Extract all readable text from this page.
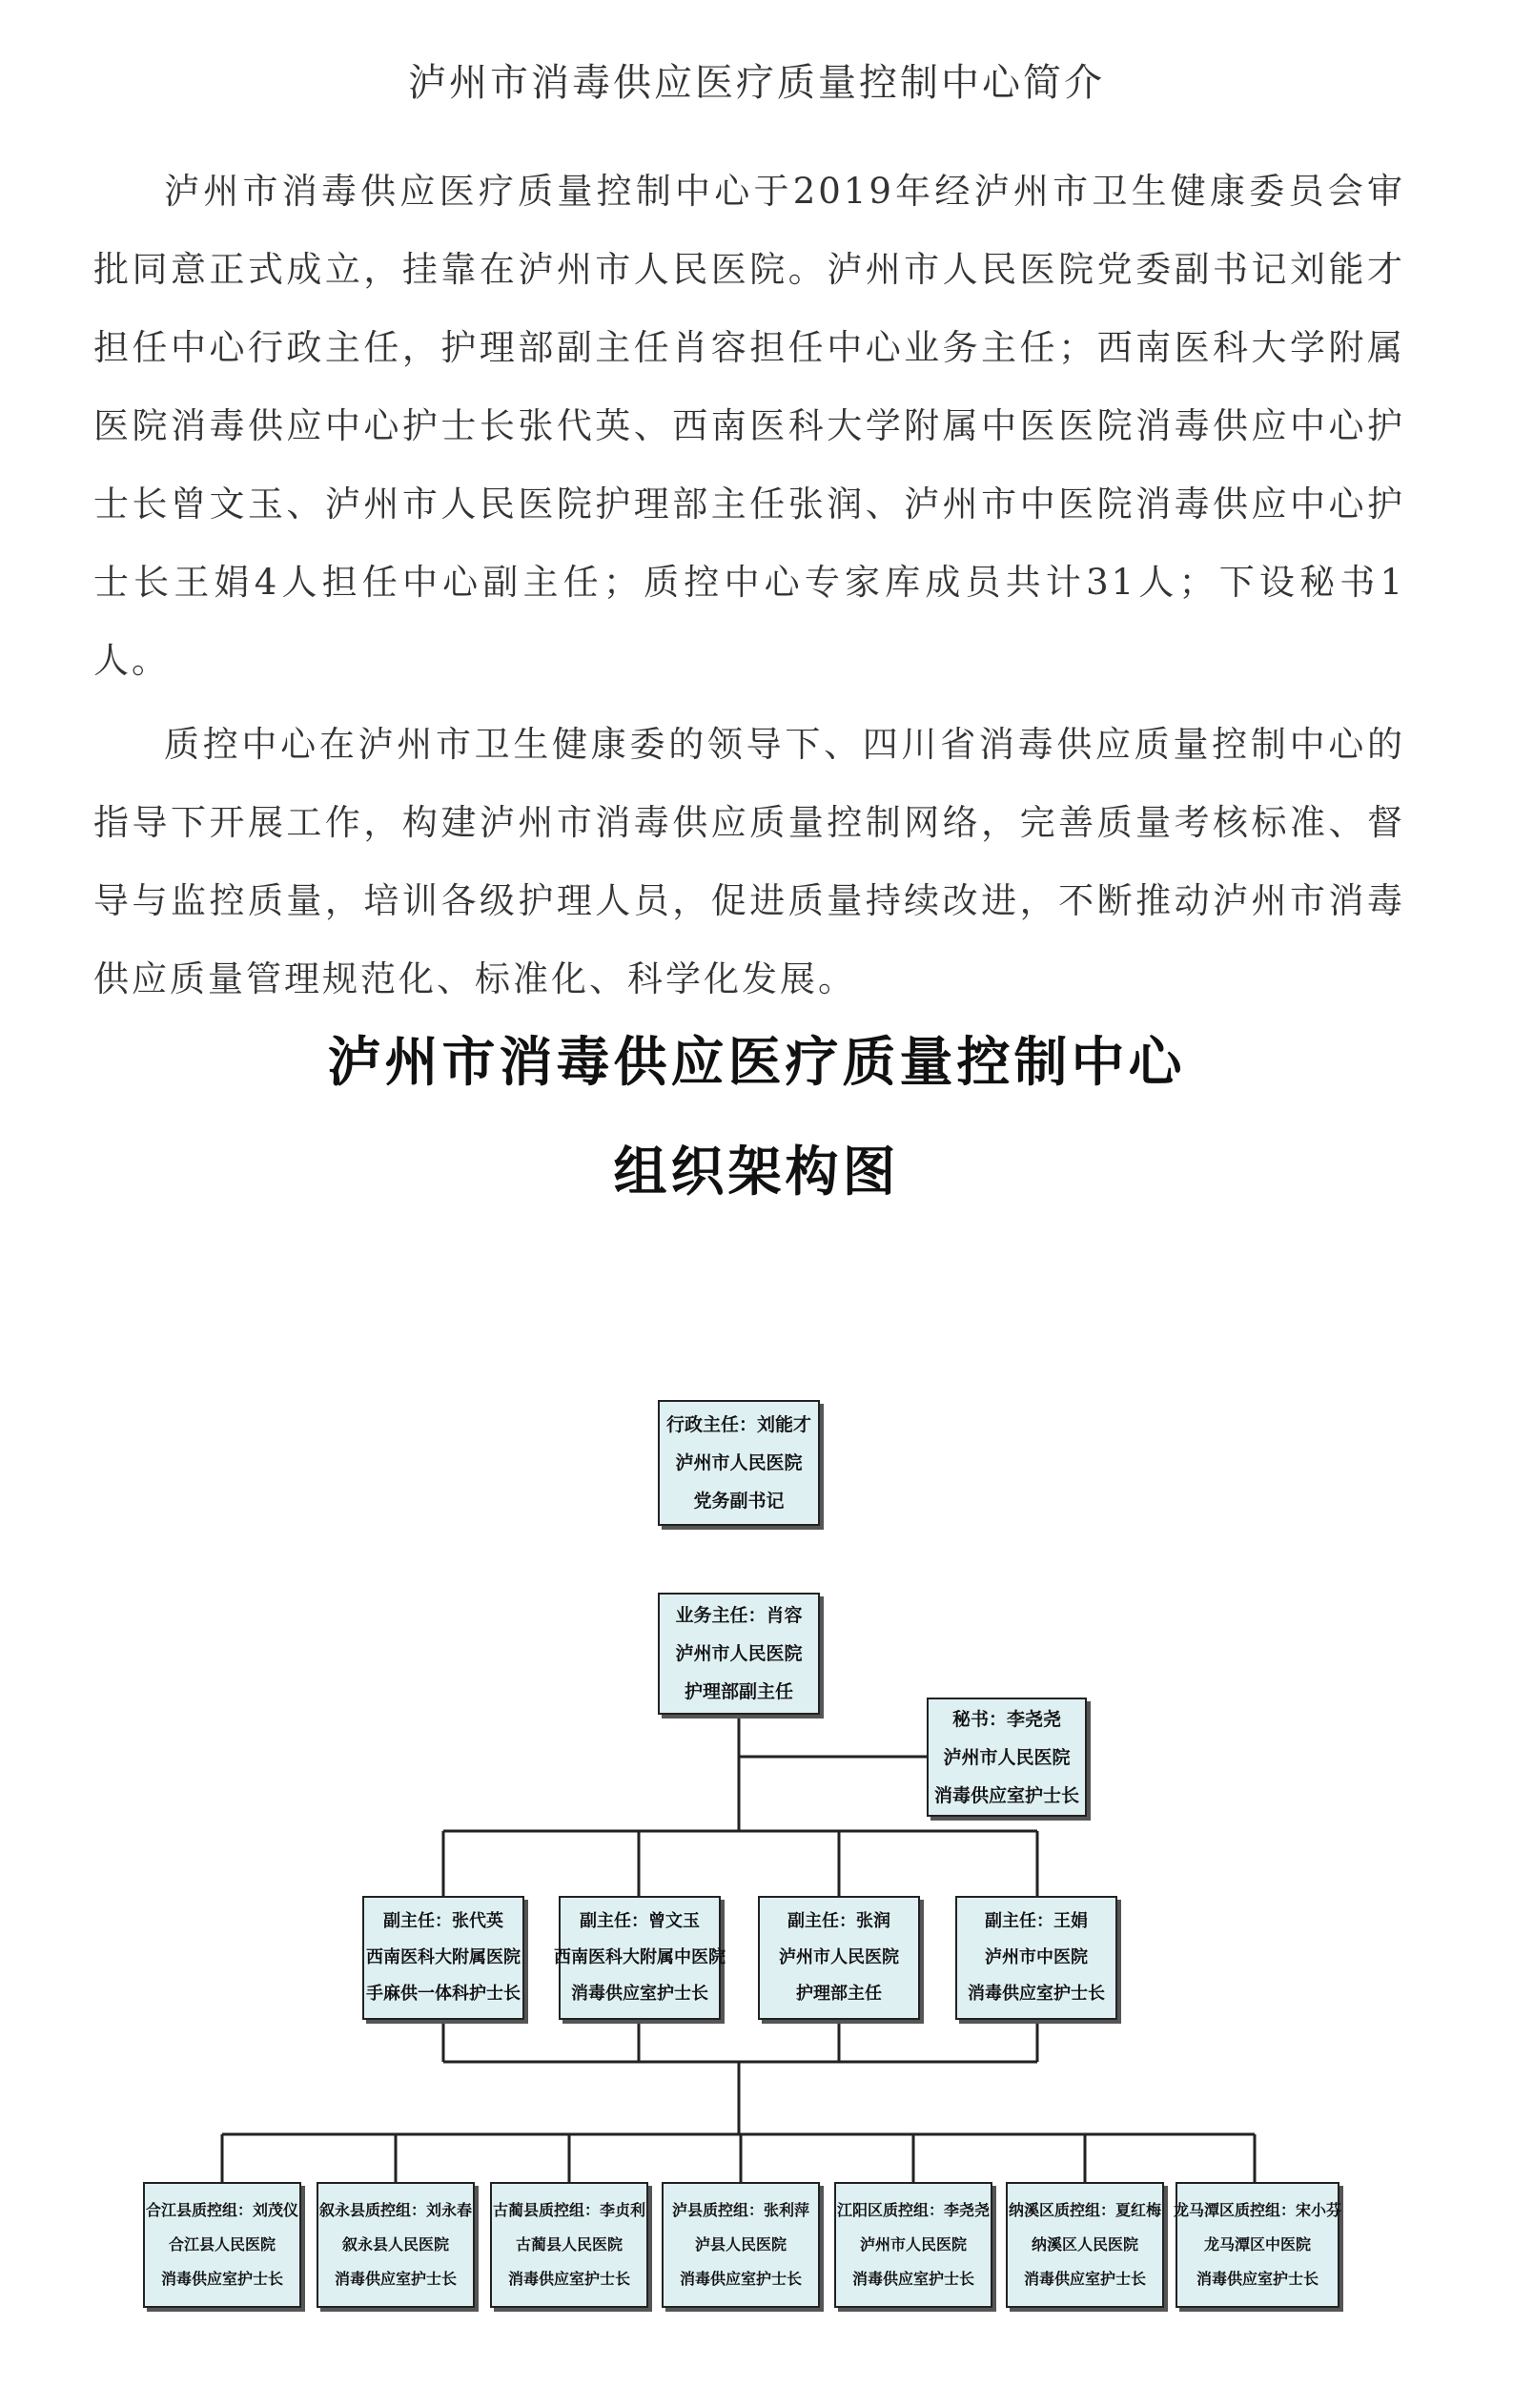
泸州市消毒供应医疗质量控制中心简介

泸州市消毒供应医疗质量控制中心于2019年经泸州市卫生健康委员会审批同意正式成立，挂靠在泸州市人民医院。泸州市人民医院党委副书记刘能才担任中心行政主任，护理部副主任肖容担任中心业务主任；西南医科大学附属医院消毒供应中心护士长张代英、西南医科大学附属中医医院消毒供应中心护士长曾文玉、泸州市人民医院护理部主任张润、泸州市中医院消毒供应中心护士长王娟4人担任中心副主任；质控中心专家库成员共计31人；下设秘书1人。

质控中心在泸州市卫生健康委的领导下、四川省消毒供应质量控制中心的指导下开展工作，构建泸州市消毒供应质量控制网络，完善质量考核标准、督导与监控质量，培训各级护理人员，促进质量持续改进，不断推动泸州市消毒供应质量管理规范化、标准化、科学化发展。

泸州市消毒供应医疗质量控制中心
组织架构图
行政主任：刘能才
泸州市人民医院
党务副书记
业务主任：肖容
泸州市人民医院
护理部副主任
秘书：李尧尧
泸州市人民医院
消毒供应室护士长
副主任：张代英
西南医科大附属医院
手麻供一体科护士长
副主任：曾文玉
西南医科大附属中医院
消毒供应室护士长
副主任：张润
泸州市人民医院
护理部主任
副主任：王娟
泸州市中医院
消毒供应室护士长
合江县质控组：刘茂仪
合江县人民医院
消毒供应室护士长
叙永县质控组：刘永春
叙永县人民医院
消毒供应室护士长
古蔺县质控组：李贞利
古蔺县人民医院
消毒供应室护士长
泸县质控组：张利萍
泸县人民医院
消毒供应室护士长
江阳区质控组：李尧尧
泸州市人民医院
消毒供应室护士长
纳溪区质控组：夏红梅
纳溪区人民医院
消毒供应室护士长
龙马潭区质控组：宋小芬
龙马潭区中医院
消毒供应室护士长
